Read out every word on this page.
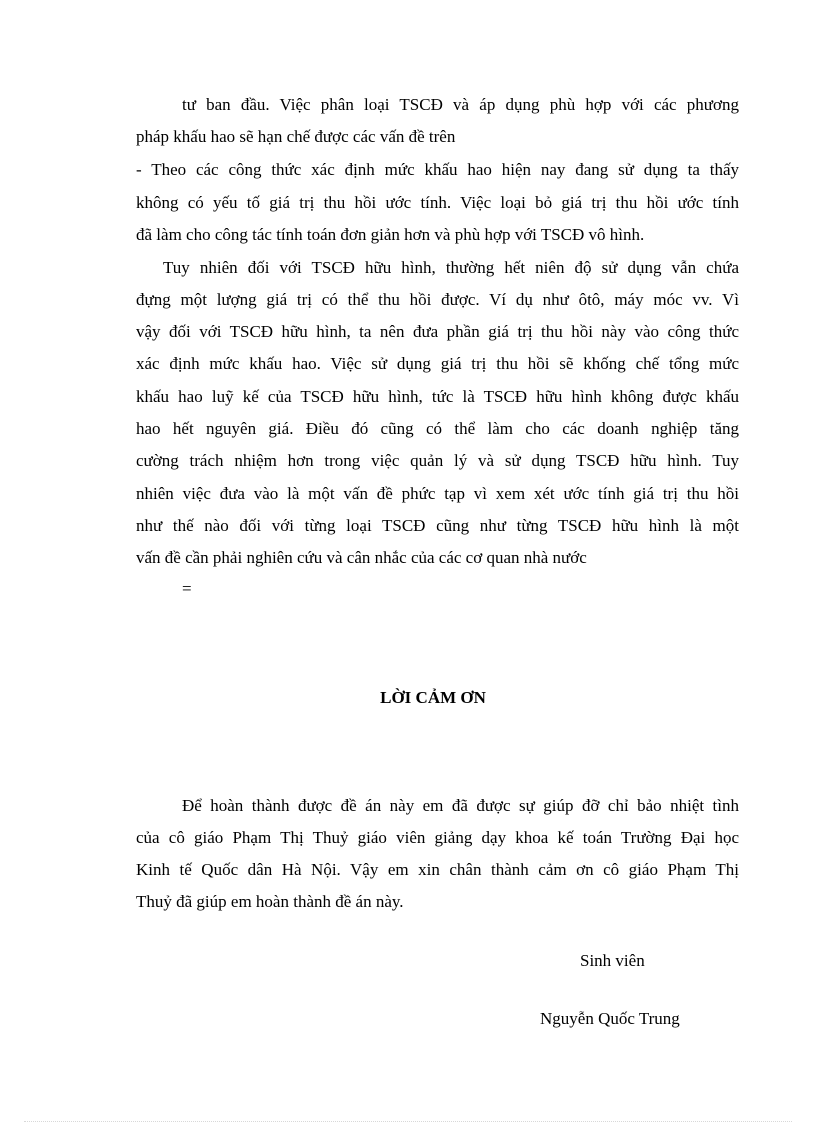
tư ban đầu. Việc phân loại TSCĐ và áp dụng phù hợp với các phương
pháp khấu hao sẽ hạn chế được các vấn đề trên
- Theo các công thức xác định mức khấu hao hiện nay đang sử dụng ta thấy
không có yếu tố giá trị thu hồi ước tính. Việc loại bỏ giá trị thu hồi ước tính
đã làm cho công tác tính toán đơn giản hơn và phù hợp với TSCĐ vô hình.
Tuy nhiên đối với TSCĐ hữu hình, thường hết niên độ sử dụng vẫn chứa
đựng một lượng giá trị có thể thu hồi được. Ví dụ như ôtô, máy móc vv. Vì
vậy đối với TSCĐ hữu hình, ta nên đưa phần giá trị thu hồi này vào công thức
xác định mức khấu hao. Việc sử dụng giá trị thu hồi sẽ khống chế tổng mức
khấu hao luỹ kế của TSCĐ hữu hình, tức là TSCĐ hữu hình không được khấu
hao hết nguyên giá. Điều đó cũng có thể làm cho các doanh nghiệp tăng
cường trách nhiệm hơn trong việc quản lý và sử dụng TSCĐ hữu hình. Tuy
nhiên việc đưa vào là một vấn đề phức tạp vì xem xét ước tính giá trị thu hồi
như thế nào đối với từng loại TSCĐ cũng như từng TSCĐ hữu hình là một
vấn đề cần phải nghiên cứu và cân nhắc của các cơ quan nhà nước
=
LỜI CẢM ƠN
Để hoàn thành được đề án này em đã được sự giúp đỡ chỉ bảo nhiệt tình
của cô giáo Phạm Thị Thuỷ giáo viên giảng dạy khoa kế toán Trường Đại học
Kinh tế Quốc dân Hà Nội. Vậy em xin chân thành cảm ơn cô giáo Phạm Thị
Thuỷ đã giúp em hoàn thành đề án này.
Sinh viên
Nguyễn Quốc Trung
